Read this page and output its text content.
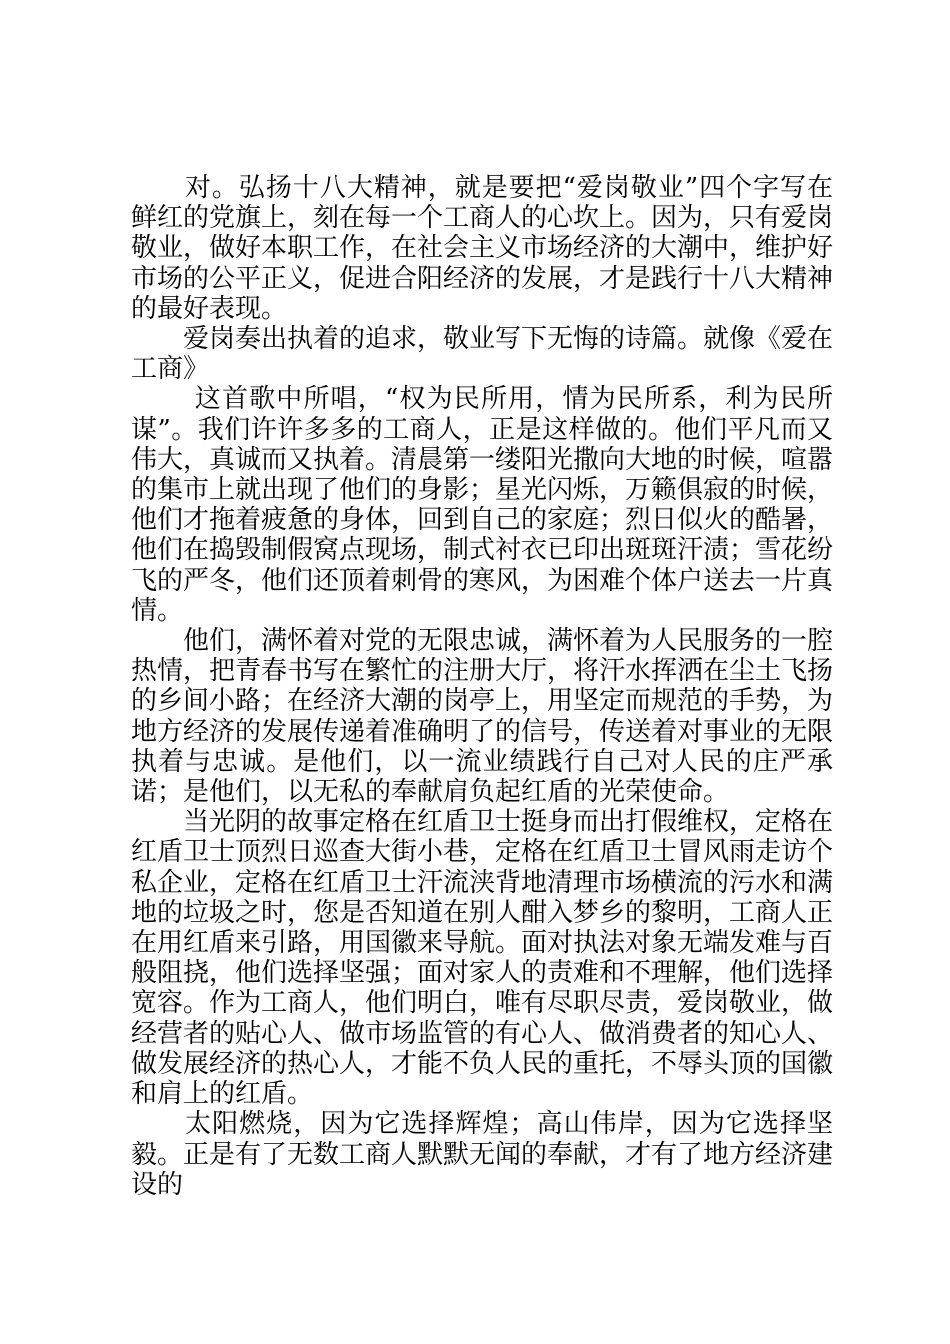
　　对。弘扬十八大精神，就是要把“爱岗敬业”四个字写在鲜红的党旗上，刻在每一个工商人的心坎上。因为，只有爱岗敬业，做好本职工作，在社会主义市场经济的大潮中，维护好市场的公平正义，促进合阳经济的发展，才是践行十八大精神的最好表现。

　　爱岗奏出执着的追求，敬业写下无悔的诗篇。就像《爱在工商》

　　 这首歌中所唱，“权为民所用，情为民所系，利为民所谋”。我们许许多多的工商人，正是这样做的。他们平凡而又伟大，真诚而又执着。清晨第一缕阳光撒向大地的时候，喧嚣的集市上就出现了他们的身影；星光闪烁，万籁俱寂的时候，他们才拖着疲惫的身体，回到自己的家庭；烈日似火的酷暑，他们在捣毁制假窝点现场，制式衬衣已印出斑斑汗渍；雪花纷飞的严冬，他们还顶着刺骨的寒风，为困难个体户送去一片真情。

　　他们，满怀着对党的无限忠诚，满怀着为人民服务的一腔热情，把青春书写在繁忙的注册大厅，将汗水挥洒在尘土飞扬的乡间小路；在经济大潮的岗亭上，用坚定而规范的手势，为地方经济的发展传递着准确明了的信号，传送着对事业的无限执着与忠诚。是他们，以一流业绩践行自己对人民的庄严承诺；是他们，以无私的奉献肩负起红盾的光荣使命。

　　当光阴的故事定格在红盾卫士挺身而出打假维权，定格在红盾卫士顶烈日巡查大街小巷，定格在红盾卫士冒风雨走访个私企业，定格在红盾卫士汗流浃背地清理市场横流的污水和满地的垃圾之时，您是否知道在别人酣入梦乡的黎明，工商人正在用红盾来引路，用国徽来导航。面对执法对象无端发难与百般阻挠，他们选择坚强；面对家人的责难和不理解，他们选择宽容。作为工商人，他们明白，唯有尽职尽责，爱岗敬业，做经营者的贴心人、做市场监管的有心人、做消费者的知心人、做发展经济的热心人，才能不负人民的重托，不辱头顶的国徽和肩上的红盾。

　　太阳燃烧，因为它选择辉煌；高山伟岸，因为它选择坚毅。正是有了无数工商人默默无闻的奉献，才有了地方经济建设的
